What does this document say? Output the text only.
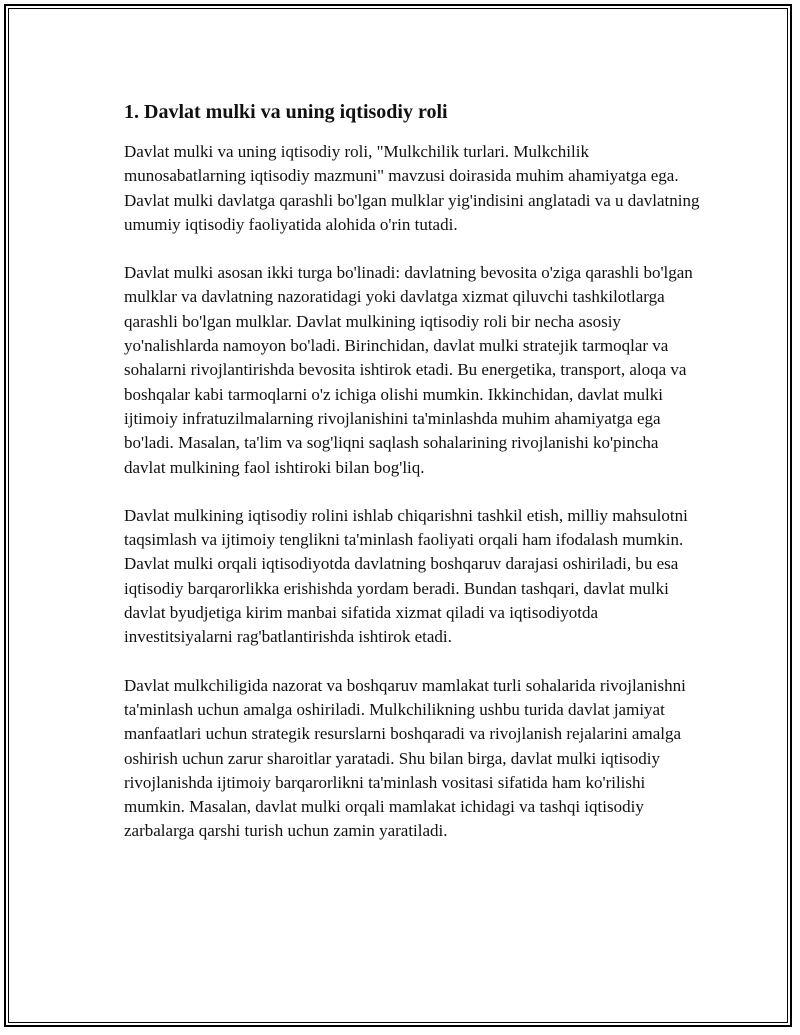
1. Davlat mulki va uning iqtisodiy roli

Davlat mulki va uning iqtisodiy roli, "Mulkchilik turlari. Mulkchilik munosabatlarning iqtisodiy mazmuni" mavzusi doirasida muhim ahamiyatga ega. Davlat mulki davlatga qarashli bo'lgan mulklar yig'indisini anglatadi va u davlatning umumiy iqtisodiy faoliyatida alohida o'rin tutadi.

Davlat mulki asosan ikki turga bo'linadi: davlatning bevosita o'ziga qarashli bo'lgan mulklar va davlatning nazoratidagi yoki davlatga xizmat qiluvchi tashkilotlarga qarashli bo'lgan mulklar. Davlat mulkining iqtisodiy roli bir necha asosiy yo'nalishlarda namoyon bo'ladi. Birinchidan, davlat mulki stratejik tarmoqlar va sohalarni rivojlantirishda bevosita ishtirok etadi. Bu energetika, transport, aloqa va boshqalar kabi tarmoqlarni o'z ichiga olishi mumkin. Ikkinchidan, davlat mulki ijtimoiy infratuzilmalarning rivojlanishini ta'minlashda muhim ahamiyatga ega bo'ladi. Masalan, ta'lim va sog'liqni saqlash sohalarining rivojlanishi ko'pincha davlat mulkining faol ishtiroki bilan bog'liq.

Davlat mulkining iqtisodiy rolini ishlab chiqarishni tashkil etish, milliy mahsulotni taqsimlash va ijtimoiy tenglikni ta'minlash faoliyati orqali ham ifodalash mumkin. Davlat mulki orqali iqtisodiyotda davlatning boshqaruv darajasi oshiriladi, bu esa iqtisodiy barqarorlikka erishishda yordam beradi. Bundan tashqari, davlat mulki davlat byudjetiga kirim manbai sifatida xizmat qiladi va iqtisodiyotda investitsiyalarni rag'batlantirishda ishtirok etadi.

Davlat mulkchiligida nazorat va boshqaruv mamlakat turli sohalarida rivojlanishni ta'minlash uchun amalga oshiriladi. Mulkchilikning ushbu turida davlat jamiyat manfaatlari uchun strategik resurslarni boshqaradi va rivojlanish rejalarini amalga oshirish uchun zarur sharoitlar yaratadi. Shu bilan birga, davlat mulki iqtisodiy rivojlanishda ijtimoiy barqarorlikni ta'minlash vositasi sifatida ham ko'rilishi mumkin. Masalan, davlat mulki orqali mamlakat ichidagi va tashqi iqtisodiy zarbalarga qarshi turish uchun zamin yaratiladi.
